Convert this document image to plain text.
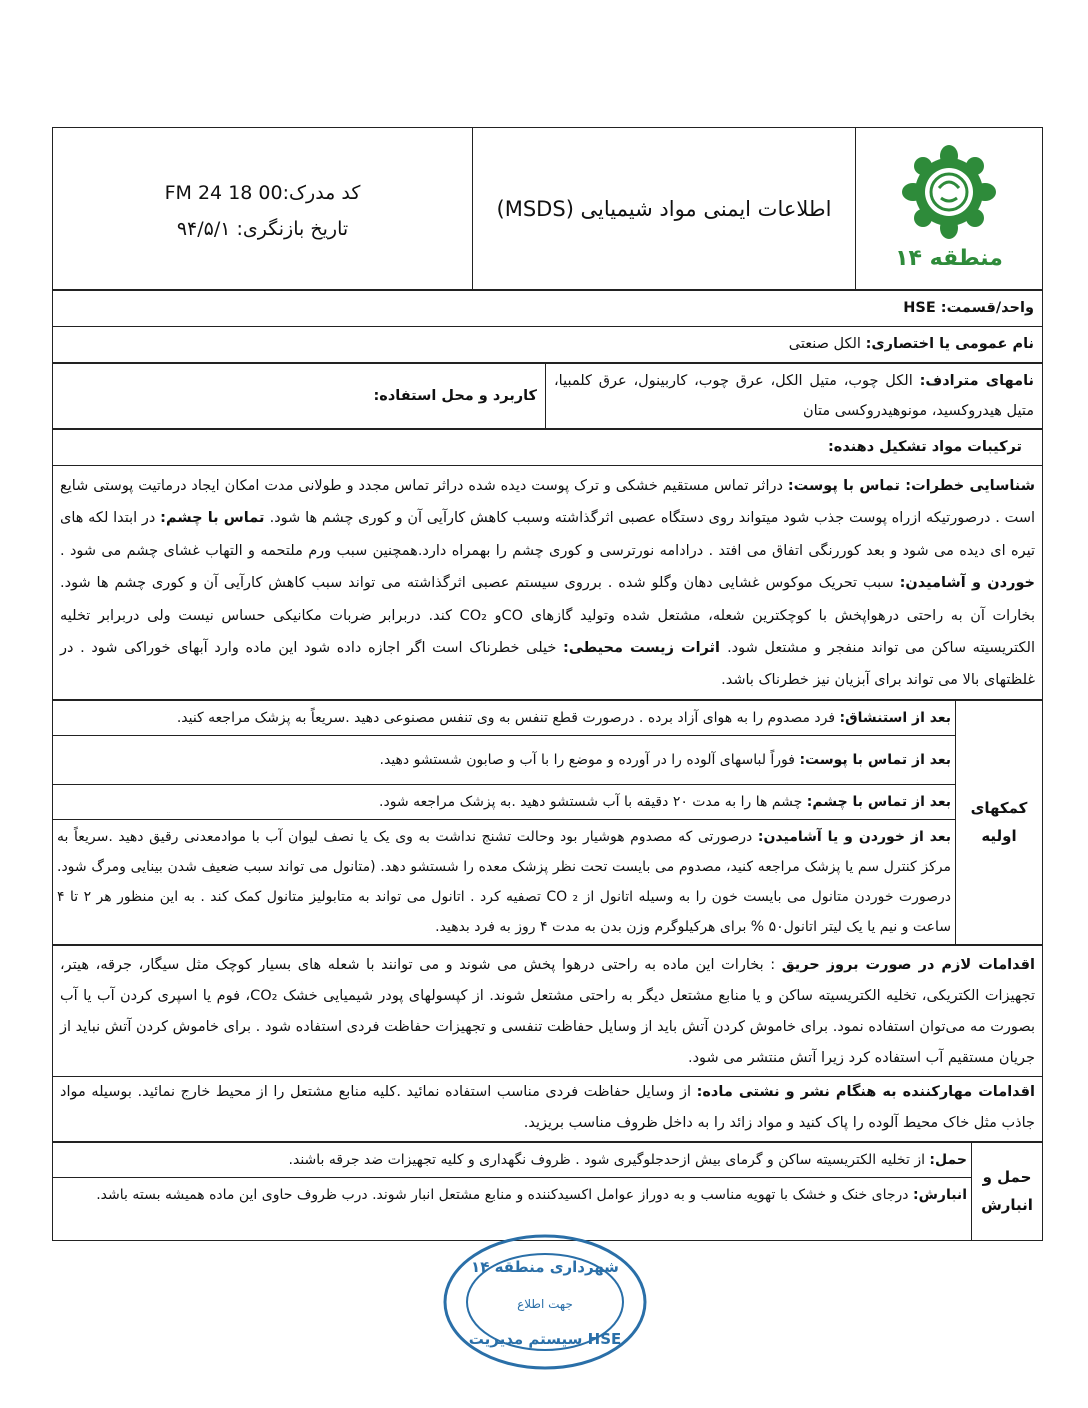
منطقه ۱۴
	اطلاعات ایمنی مواد شیمیایی (MSDS)	
کد مدرک:00 18 FM 24
تاریخ بازنگری: ۹۴/۵/۱
واحد/قسمت: HSE
نام عمومی یا اختصاری: الکل صنعتی
نامهای مترادف: الکل چوب، متیل الکل، عرق چوب، کاربینول، عرق کلمبیا، متیل هیدروکسید، مونوهیدروکسی متان	کاربرد و محل استفاده:
ترکیبات مواد تشکیل دهنده:
شناسایی خطرات: تماس با پوست: دراثر تماس مستقیم خشکی و ترک پوست دیده شده دراثر تماس مجدد و طولانی مدت امکان ایجاد درماتیت پوستی شایع است . درصورتیکه ازراه پوست جذب شود میتواند روی دستگاه عصبی اثرگذاشته وسبب کاهش کارآیی آن و کوری چشم ها شود. تماس با چشم: در ابتدا لکه های تیره ای دیده می شود و بعد کوررنگی اتفاق می افتد . درادامه نورترسی و کوری چشم را بهمراه دارد.همچنین سبب ورم ملتحمه و التهاب غشای چشم می شود . خوردن و آشامیدن: سبب تحریک موکوس غشایی دهان وگلو شده . برروی سیستم عصبی اثرگذاشته می تواند سبب کاهش کارآیی آن و کوری چشم ها شود. بخارات آن به راحتی درهواپخش با کوچکترین شعله، مشتعل شده وتولید گازهای COو CO₂ کند. دربرابر ضربات مکانیکی حساس نیست ولی دربرابر تخلیه الکتریسیته ساکن می تواند منفجر و مشتعل شود. اثرات زیست محیطی: خیلی خطرناک است اگر اجازه داده شود این ماده وارد آبهای خوراکی شود . در غلظتهای بالا می تواند برای آبزیان نیز خطرناک باشد.
کمکهای اولیه	بعد از استنشاق: فرد مصدوم را به هوای آزاد برده . درصورت قطع تنفس به وی تنفس مصنوعی دهید .سریعاً به پزشک مراجعه کنید.
بعد از تماس با پوست: فوراً لباسهای آلوده را در آورده و موضع را با آب و صابون شستشو دهید.
بعد از تماس با چشم: چشم ها را به مدت ۲۰ دقیقه با آب شستشو دهید .به پزشک مراجعه شود.
بعد از خوردن و یا آشامیدن: درصورتی که مصدوم هوشیار بود وحالت تشنج نداشت به وی یک یا نصف لیوان آب با موادمعدنی رقیق دهید .سریعاً به مرکز کنترل سم یا پزشک مراجعه کنید، مصدوم می بایست تحت نظر پزشک معده را شستشو دهد. (متانول می تواند سبب ضعیف شدن بینایی ومرگ شود. درصورت خوردن متانول می بایست خون را به وسیله اتانول از CO ₂ تصفیه کرد . اتانول می تواند به متابولیز متانول کمک کند . به این منظور هر ۲ تا ۴ ساعت و نیم یا یک لیتر اتانول۵۰ % برای هرکیلوگرم وزن بدن به مدت ۴ روز به فرد بدهید.
اقدامات لازم در صورت بروز حریق : بخارات این ماده به راحتی درهوا پخش می شوند و می توانند با شعله های بسیار کوچک مثل سیگار، جرقه، هیتر، تجهیزات الکتریکی، تخلیه الکتریسیته ساکن و یا منابع مشتعل دیگر به راحتی مشتعل شوند. از کپسولهای پودر شیمیایی خشک CO₂، فوم یا اسپری کردن آب یا آب بصورت مه می‌توان استفاده نمود. برای خاموش کردن آتش باید از وسایل حفاظت تنفسی و تجهیزات حفاظت فردی استفاده شود . برای خاموش کردن آتش نباید از جریان مستقیم آب استفاده کرد زیرا آتش منتشر می شود.
اقدامات مهارکننده به هنگام نشر و نشتی ماده: از وسایل حفاظت فردی مناسب استفاده نمائید .کلیه منابع مشتعل را از محیط خارج نمائید. بوسیله مواد جاذب مثل خاک محیط آلوده را پاک کنید و مواد زائد را به داخل ظروف مناسب بریزید.
حمل و انبارش	حمل: از تخلیه الکتریسیته ساکن و گرمای بیش ازحدجلوگیری شود . ظروف نگهداری و کلیه تجهیزات ضد جرقه باشند.
انبارش: درجای خنک و خشک با تهویه مناسب و به دوراز عوامل اکسیدکننده و منابع مشتعل انبار شوند. درب ظروف حاوی این ماده همیشه بسته باشد.
شهرداری منطقه ۱۴
جهت اطلاع
سیستم مدیریت HSE
